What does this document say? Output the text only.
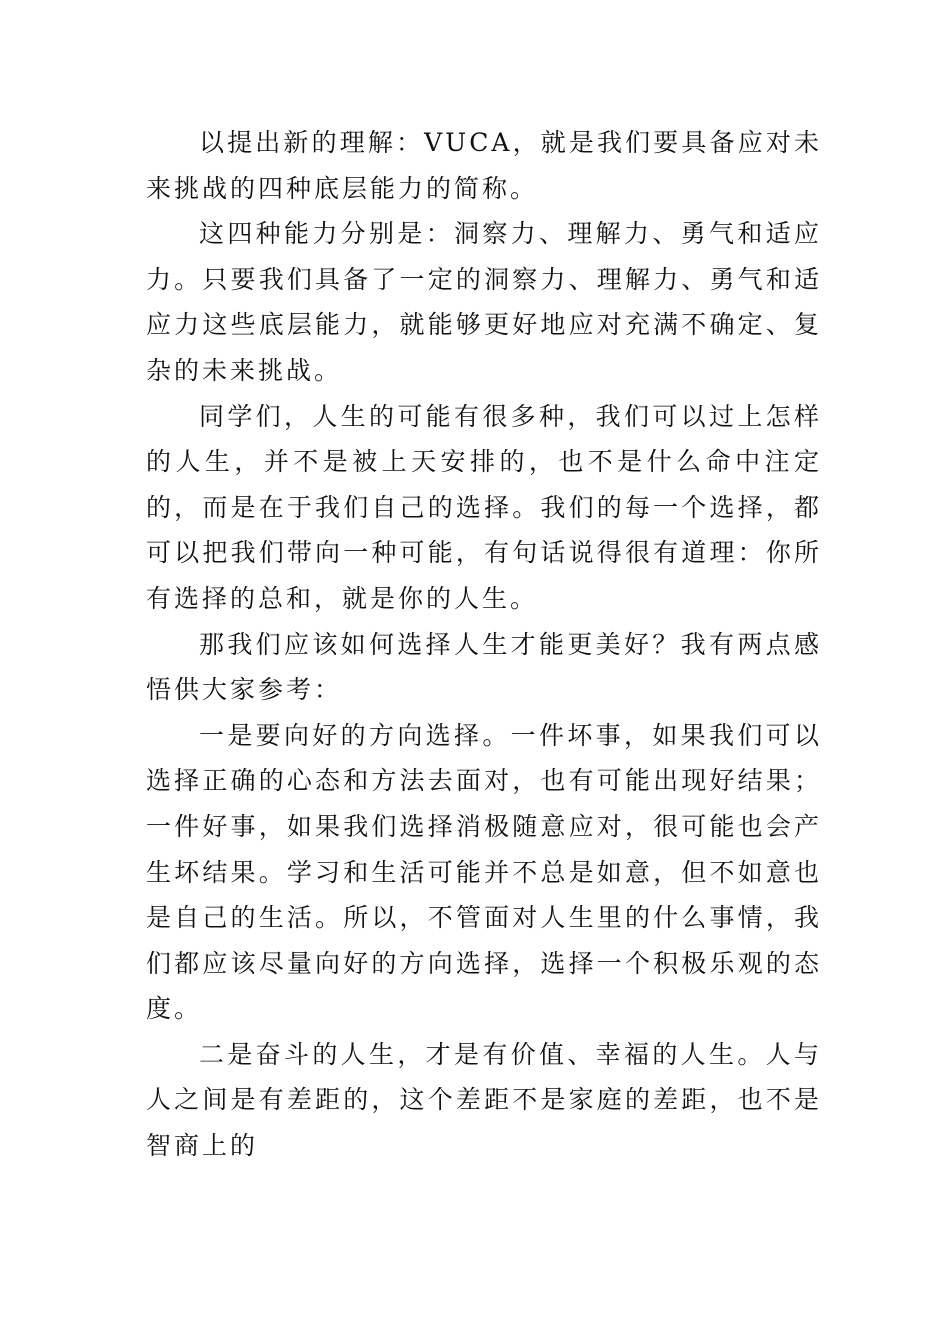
以提出新的理解：VUCA，就是我们要具备应对未来挑战的四种底层能力的简称。

这四种能力分别是：洞察力、理解力、勇气和适应力。只要我们具备了一定的洞察力、理解力、勇气和适应力这些底层能力，就能够更好地应对充满不确定、复杂的未来挑战。

同学们，人生的可能有很多种，我们可以过上怎样的人生，并不是被上天安排的，也不是什么命中注定的，而是在于我们自己的选择。我们的每一个选择，都可以把我们带向一种可能，有句话说得很有道理：你所有选择的总和，就是你的人生。

那我们应该如何选择人生才能更美好？我有两点感悟供大家参考：

一是要向好的方向选择。一件坏事，如果我们可以选择正确的心态和方法去面对，也有可能出现好结果；一件好事，如果我们选择消极随意应对，很可能也会产生坏结果。学习和生活可能并不总是如意，但不如意也是自己的生活。所以，不管面对人生里的什么事情，我们都应该尽量向好的方向选择，选择一个积极乐观的态度。

二是奋斗的人生，才是有价值、幸福的人生。人与人之间是有差距的，这个差距不是家庭的差距，也不是智商上的
